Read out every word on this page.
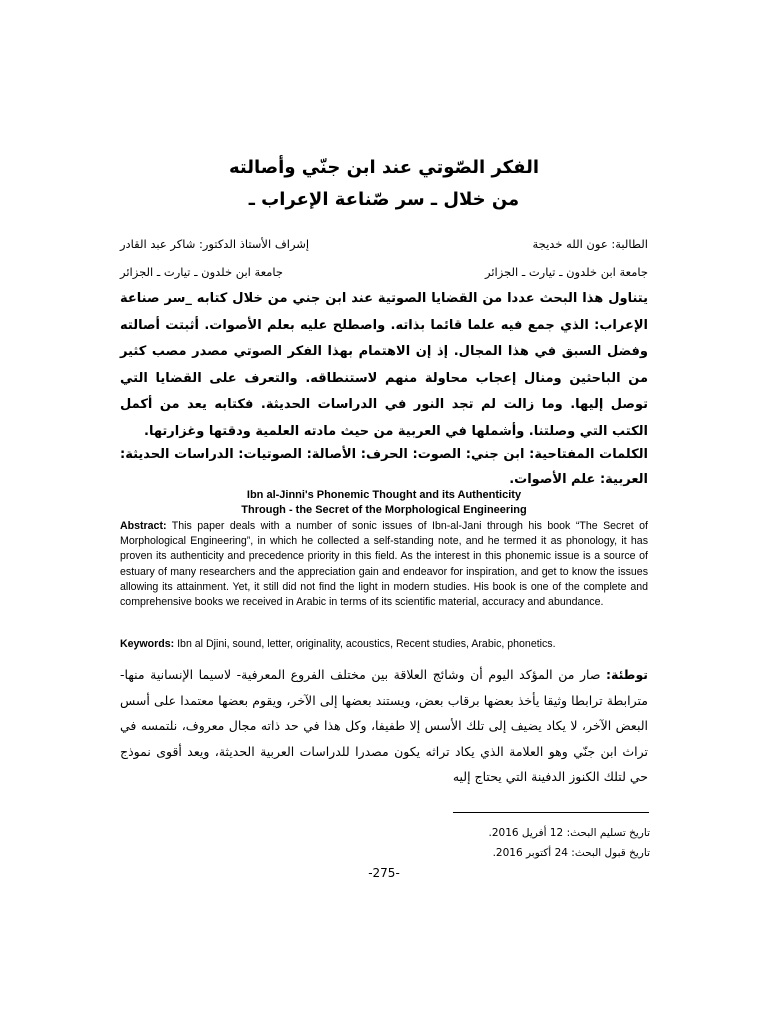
الفكر الصّوتي عند ابن جنّي وأصالته
من خلال ـ سر صّناعة الإعراب ـ
الطالبة: عون الله خديجة
إشراف الأستاذ الدكتور: شاكر عبد القادر
جامعة ابن خلدون ـ تيارت ـ الجزائر
جامعة ابن خلدون ـ تيارت ـ الجزائر

يتناول هذا البحث عددا من القضايا الصوتية عند ابن جني من خلال كتابه _سر صناعة الإعراب: الذي جمع فيه علما قائما بذاته. واصطلح عليه بعلم الأصوات. أثبتت أصالته وفضل السبق في هذا المجال. إذ إن الاهتمام بهذا الفكر الصوتي مصدر مصب كثير من الباحثين ومنال إعجاب محاولة منهم لاستنطاقه. والتعرف على القضايا التي توصل إليها. وما زالت لم تجد النور في الدراسات الحديثة. فكتابه يعد من أكمل الكتب التي وصلتنا. وأشملها في العربية من حيث مادته العلمية ودقتها وغزارتها.

الكلمات المفتاحية: ابن جني: الصوت: الحرف: الأصالة: الصوتيات: الدراسات الحديثة: العربية: علم الأصوات.

Ibn al-Jinni's Phonemic Thought and its Authenticity
Through - the Secret of the Morphological Engineering

Abstract: This paper deals with a number of sonic issues of Ibn-al-Jani through his book “The Secret of Morphological Engineering”, in which he collected a self-standing note, and he termed it as phonology, it has proven its authenticity and precedence priority in this field. As the interest in this phonemic issue is a source of estuary of many researchers and the appreciation gain and endeavor for inspiration, and get to know the issues allowing its attainment. Yet, it still did not find the light in modern studies. His book is one of the complete and comprehensive books we received in Arabic in terms of its scientific material, accuracy and abundance.

Keywords: Ibn al Djini, sound, letter, originality, acoustics, Recent studies, Arabic, phonetics.

توطئة: صار من المؤكد اليوم أن وشائج العلاقة بين مختلف الفروع المعرفية- لاسيما الإنسانية منها- مترابطة ترابطا وثيقا يأخذ بعضها برقاب بعض، ويستند بعضها إلى الآخر، ويقوم بعضها معتمدا على أسس البعض الآخر، لا يكاد يضيف إلى تلك الأسس إلا طفيفا، وكل هذا في حد ذاته مجال معروف، نلتمسه في تراث ابن جنّي وهو العلامة الذي يكاد تراثه يكون مصدرا للدراسات العربية الحديثة، ويعد أقوى نموذج حي لتلك الكنوز الدفينة التي يحتاج إليه

تاريخ تسليم البحث: 12 أفريل 2016.
تاريخ قبول البحث: 24 أكتوبر 2016.
-275-
